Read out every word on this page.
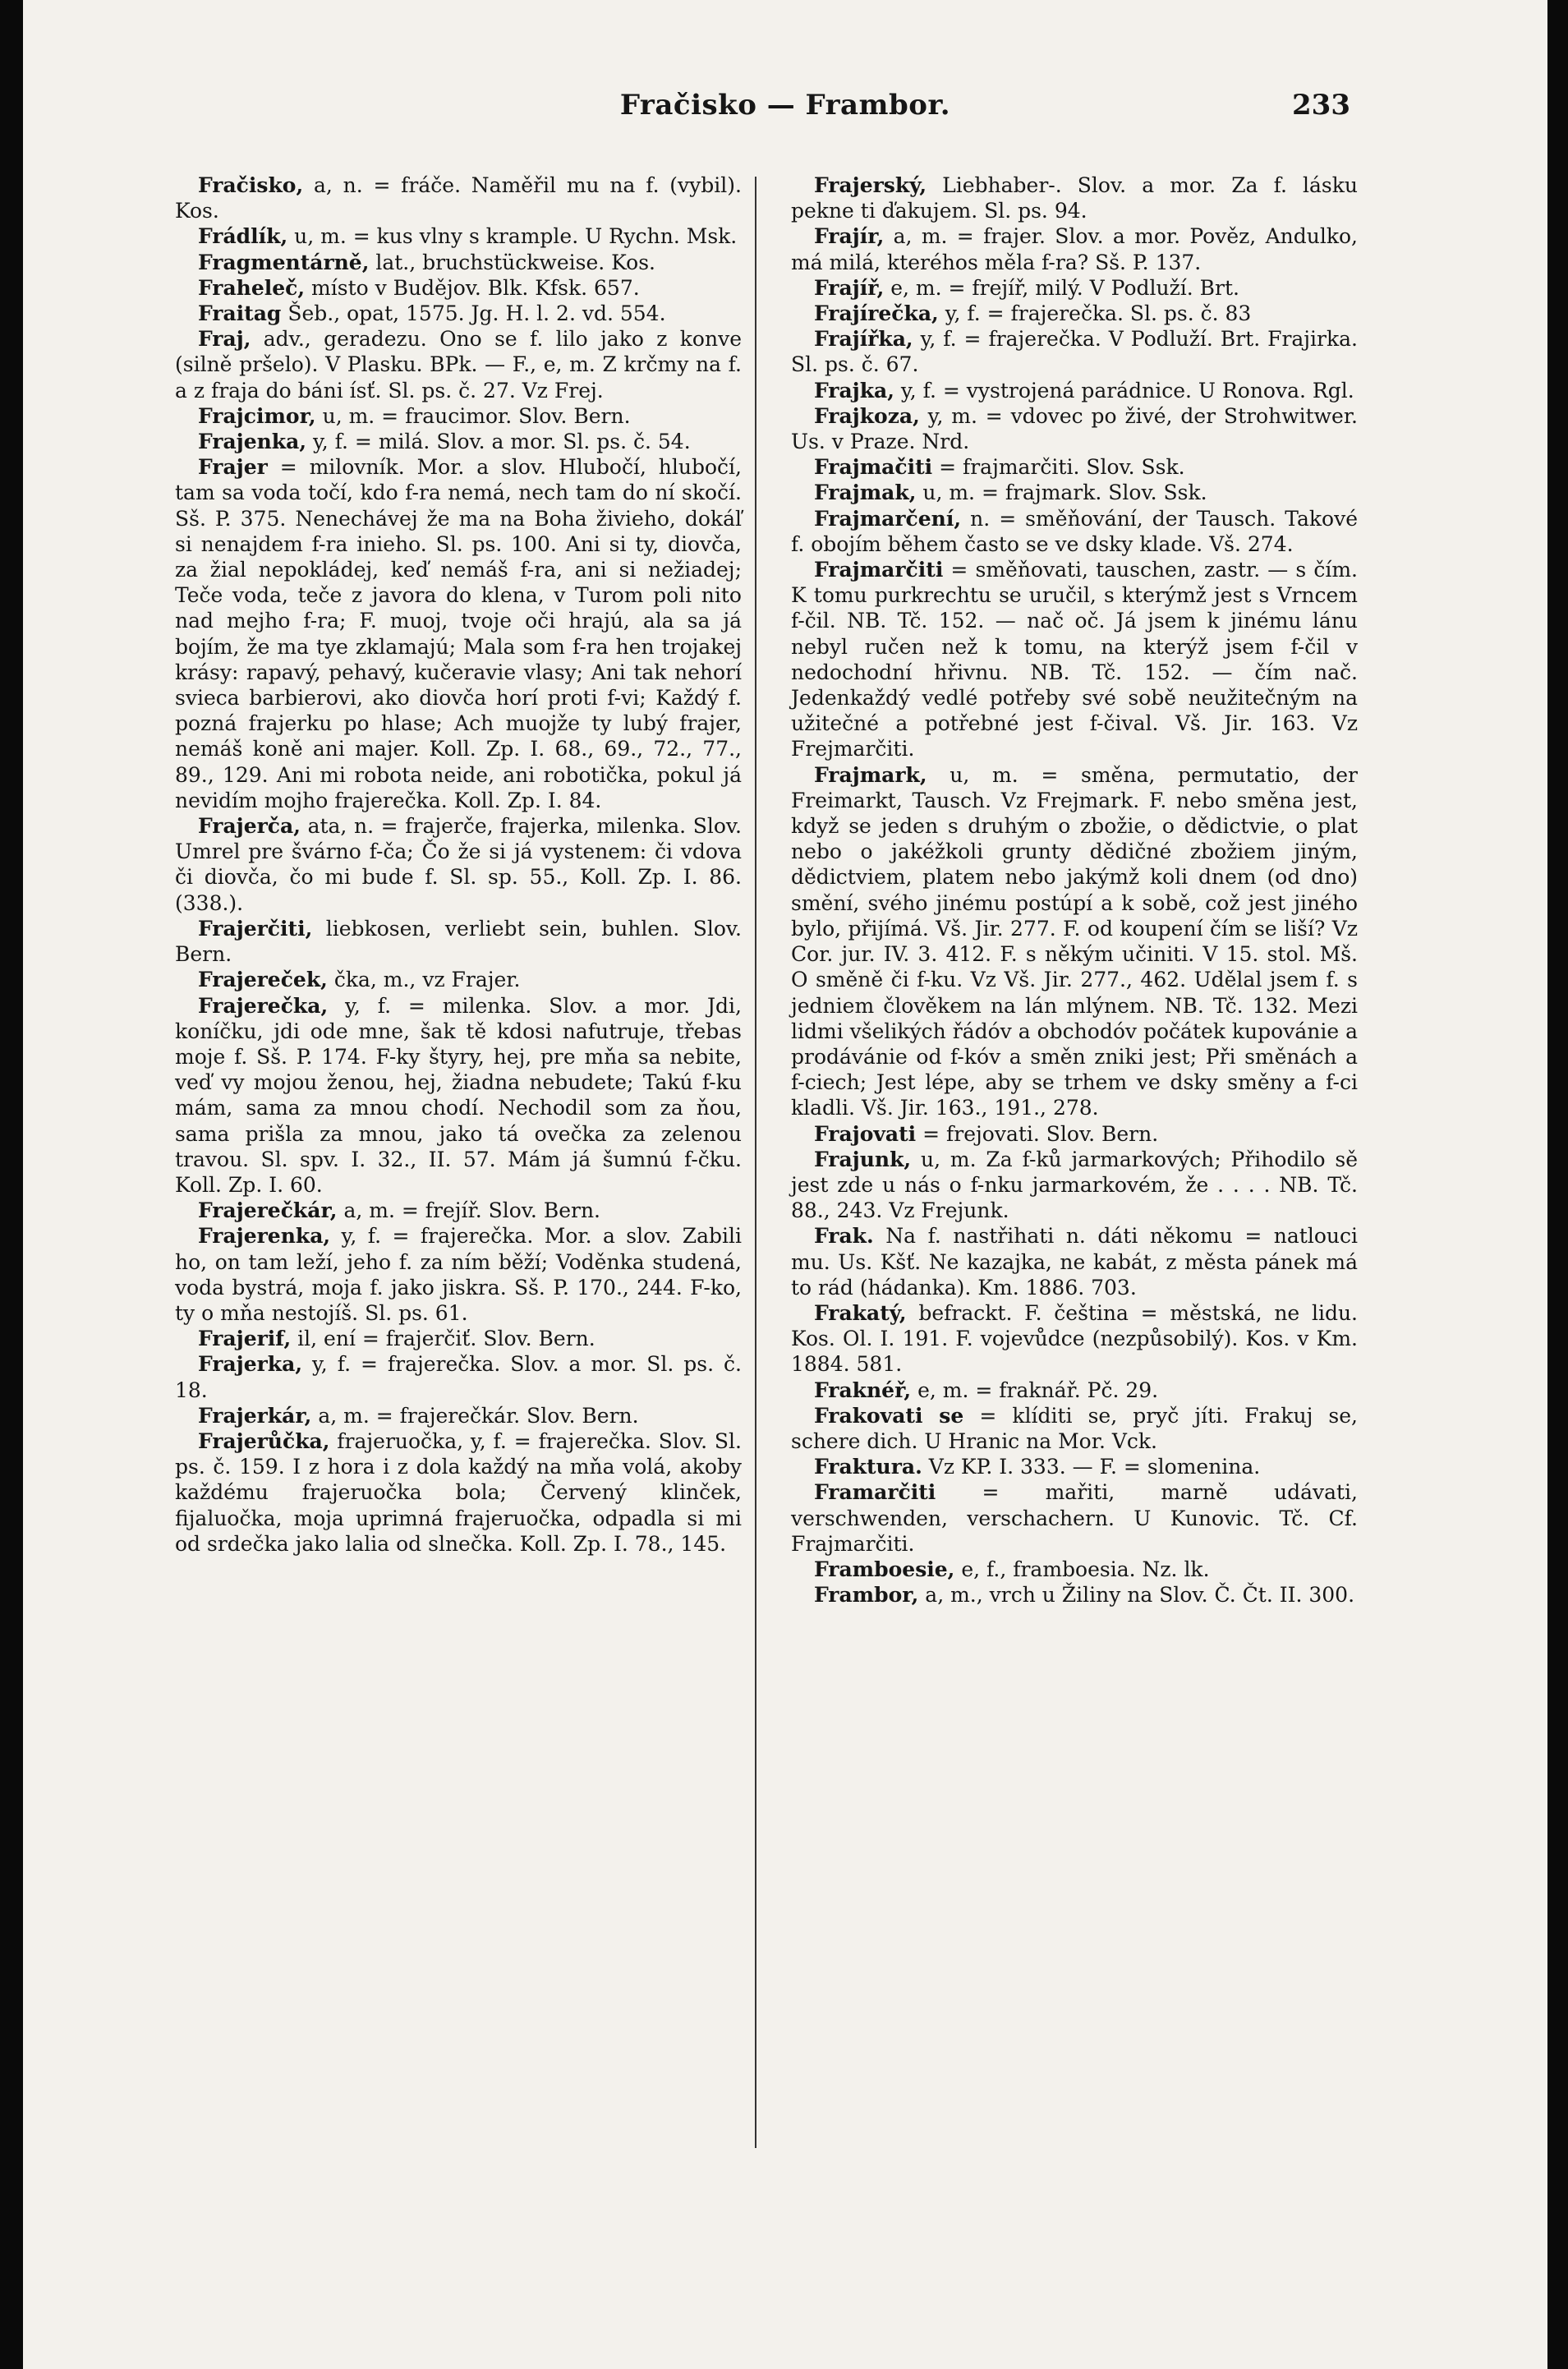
Fračisko — Frambor.	233

Fračisko, a, n. = fráče. Naměřil mu na f. (vybil). Kos.

Frádlík, u, m. = kus vlny s krample. U Rychn. Msk.

Fragmentárně, lat., bruchstückweise. Kos.

Fraheleč, místo v Budějov. Blk. Kfsk. 657.

Fraitag Šeb., opat, 1575. Jg. H. l. 2. vd. 554.

Fraj, adv., geradezu. Ono se f. lilo jako z konve (silně pršelo). V Plasku. BPk. — F., e, m. Z krčmy na f. a z fraja do báni ísť. Sl. ps. č. 27. Vz Frej.

Frajcimor, u, m. = fraucimor. Slov. Bern.

Frajenka, y, f. = milá. Slov. a mor. Sl. ps. č. 54.

Frajer = milovník. Mor. a slov. Hlubočí, hlubočí, tam sa voda točí, kdo f-ra nemá, nech tam do ní skočí. Sš. P. 375. Nenechávej že ma na Boha živieho, dokáľ si nenajdem f-ra inieho. Sl. ps. 100. Ani si ty, diovča, za žial nepokládej, keď nemáš f-ra, ani si nežiadej; Teče voda, teče z javora do klena, v Turom poli nito nad mejho f-ra; F. muoj, tvoje oči hrajú, ala sa já bojím, že ma tye zklamajú; Mala som f-ra hen trojakej krásy: rapavý, pehavý, kučeravie vlasy; Ani tak nehorí svieca barbierovi, ako diovča horí proti f-vi; Každý f. pozná frajerku po hlase; Ach muojže ty lubý frajer, nemáš koně ani majer. Koll. Zp. I. 68., 69., 72., 77., 89., 129. Ani mi robota neide, ani robotička, pokul já nevidím mojho frajerečka. Koll. Zp. I. 84.

Frajerča, ata, n. = frajerče, frajerka, milenka. Slov. Umrel pre švárno f-ča; Čo že si já vystenem: či vdova či diovča, čo mi bude f. Sl. sp. 55., Koll. Zp. I. 86. (338.).

Frajerčiti, liebkosen, verliebt sein, buhlen. Slov. Bern.

Frajereček, čka, m., vz Frajer.

Frajerečka, y, f. = milenka. Slov. a mor. Jdi, koníčku, jdi ode mne, šak tě kdosi nafutruje, třebas moje f. Sš. P. 174. F-ky štyry, hej, pre mňa sa nebite, veď vy mojou ženou, hej, žiadna nebudete; Takú f-ku mám, sama za mnou chodí. Nechodil som za ňou, sama prišla za mnou, jako tá ovečka za zelenou travou. Sl. spv. I. 32., II. 57. Mám já šumnú f-čku. Koll. Zp. I. 60.

Frajerečkár, a, m. = frejíř. Slov. Bern.

Frajerenka, y, f. = frajerečka. Mor. a slov. Zabili ho, on tam leží, jeho f. za ním běží; Voděnka studená, voda bystrá, moja f. jako jiskra. Sš. P. 170., 244. F-ko, ty o mňa nestojíš. Sl. ps. 61.

Frajerif, il, ení = frajerčiť. Slov. Bern.

Frajerka, y, f. = frajerečka. Slov. a mor. Sl. ps. č. 18.

Frajerkár, a, m. = frajerečkár. Slov. Bern.

Frajerůčka, frajeruočka, y, f. = frajerečka. Slov. Sl. ps. č. 159. I z hora i z dola každý na mňa volá, akoby každému frajeruočka bola; Červený klinček, fijaluočka, moja uprimná frajeruočka, odpadla si mi od srdečka jako lalia od slnečka. Koll. Zp. I. 78., 145.

Frajerský, Liebhaber-. Slov. a mor. Za f. lásku pekne ti ďakujem. Sl. ps. 94.

Frajír, a, m. = frajer. Slov. a mor. Pověz, Andulko, má milá, kteréhos měla f-ra? Sš. P. 137.

Frajíř, e, m. = frejíř, milý. V Podluží. Brt.

Frajírečka, y, f. = frajerečka. Sl. ps. č. 83

Frajířka, y, f. = frajerečka. V Podluží. Brt. Frajirka. Sl. ps. č. 67.

Frajka, y, f. = vystrojená parádnice. U Ronova. Rgl.

Frajkoza, y, m. = vdovec po živé, der Strohwitwer. Us. v Praze. Nrd.

Frajmačiti = frajmarčiti. Slov. Ssk.

Frajmak, u, m. = frajmark. Slov. Ssk.

Frajmarčení, n. = směňování, der Tausch. Takové f. obojím během často se ve dsky klade. Vš. 274.

Frajmarčiti = směňovati, tauschen, zastr. — s čím. K tomu purkrechtu se uručil, s kterýmž jest s Vrncem f-čil. NB. Tč. 152. — nač oč. Já jsem k jinému lánu nebyl ručen než k tomu, na kterýž jsem f-čil v nedochodní hřivnu. NB. Tč. 152. — čím nač. Jedenkaždý vedlé potřeby své sobě neužitečným na užitečné a potřebné jest f-čival. Vš. Jir. 163. Vz Frejmarčiti.

Frajmark, u, m. = směna, permutatio, der Freimarkt, Tausch. Vz Frejmark. F. nebo směna jest, když se jeden s druhým o zbožie, o dědictvie, o plat nebo o jakéžkoli grunty dědičné zbožiem jiným, dědictviem, platem nebo jakýmž koli dnem (od dno) smění, svého jinému postúpí a k sobě, což jest jiného bylo, přijímá. Vš. Jir. 277. F. od koupení čím se liší? Vz Cor. jur. IV. 3. 412. F. s někým učiniti. V 15. stol. Mš. O směně či f-ku. Vz Vš. Jir. 277., 462. Udělal jsem f. s jedniem člověkem na lán mlýnem. NB. Tč. 132. Mezi lidmi všelikých řádóv a obchodóv počátek kupovánie a prodávánie od f-kóv a směn zniki jest; Při směnách a f-ciech; Jest lépe, aby se trhem ve dsky směny a f-ci kladli. Vš. Jir. 163., 191., 278.

Frajovati = frejovati. Slov. Bern.

Frajunk, u, m. Za f-ků jarmarkových; Přihodilo sě jest zde u nás o f-nku jarmarkovém, že . . . . NB. Tč. 88., 243. Vz Frejunk.

Frak. Na f. nastřihati n. dáti někomu = natlouci mu. Us. Kšť. Ne kazajka, ne kabát, z města pánek má to rád (hádanka). Km. 1886. 703.

Frakatý, befrackt. F. čeština = městská, ne lidu. Kos. Ol. I. 191. F. vojevůdce (nezpůsobilý). Kos. v Km. 1884. 581.

Fraknéř, e, m. = fraknář. Pč. 29.

Frakovati se = klíditi se, pryč jíti. Frakuj se, schere dich. U Hranic na Mor. Vck.

Fraktura. Vz KP. I. 333. — F. = slomenina.

Framarčiti = mařiti, marně udávati, verschwenden, verschachern. U Kunovic. Tč. Cf. Frajmarčiti.

Framboesie, e, f., framboesia. Nz. lk.

Frambor, a, m., vrch u Žiliny na Slov. Č. Čt. II. 300.
